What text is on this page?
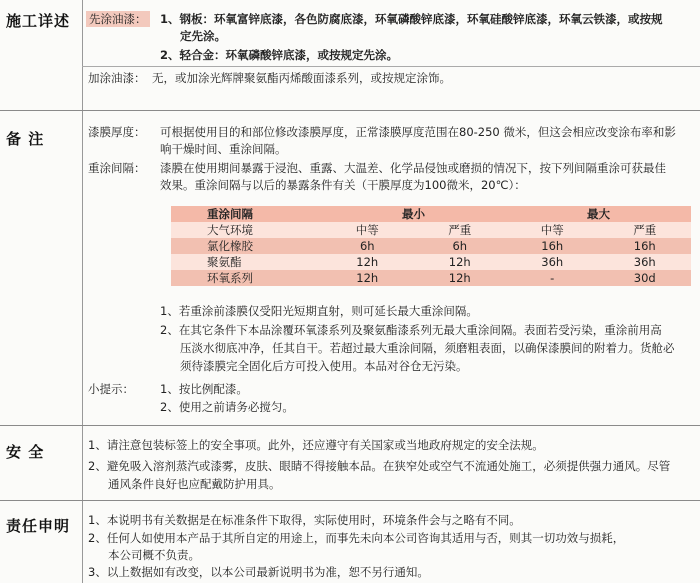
施工详述 先涂油漆： 1、钢板：环氧富锌底漆，各色防腐底漆，环氧磷酸锌底漆，环氧硅酸锌底漆，环氧云铁漆，或按规
定先涂。
2、轻合金：环氧磷酸锌底漆，或按规定先涂。
加涂油漆： 无，或加涂光辉牌聚氨酯丙烯酸面漆系列，或按规定涂饰。
备 注	漆膜厚度： 可根据使用目的和部位修改漆膜厚度，正常漆膜厚度范围在80-250 微米，但这会相应改变涂布率和影
响干燥时间、重涂间隔。
重涂间隔： 漆膜在使用期间暴露于浸泡、重露、大温差、化学品侵蚀或磨损的情况下，按下列间隔重涂可获最佳
效果。重涂间隔与以后的暴露条件有关（干膜厚度为100微米，20℃）：
重涂间隔	最小		最大	
大气环境	中等	严重	中等	严重
氯化橡胶	6h	6h	16h	16h
聚氨酯	12h	12h	36h	36h
环氧系列	12h	12h	-	30d
1、若重涂前漆膜仅受阳光短期直射，则可延长最大重涂间隔。
2、在其它条件下本品涂覆环氧漆系列及聚氨酯漆系列无最大重涂间隔。表面若受污染，重涂前用高
压淡水彻底冲净，任其自干。若超过最大重涂间隔，须磨粗表面，以确保漆膜间的附着力。货舱必
须待漆膜完全固化后方可投入使用。本品对谷仓无污染。
小提示： 1、按比例配漆。
2、使用之前请务必搅匀。
安 全	1、请注意包装标签上的安全事项。此外，还应遵守有关国家或当地政府规定的安全法规。
2、避免吸入溶剂蒸汽或漆雾，皮肤、眼睛不得接触本品。在狭窄处或空气不流通处施工，必须提供强力通风。尽管
通风条件良好也应配戴防护用具。
责任申明 1、本说明书有关数据是在标准条件下取得，实际使用时，环境条件会与之略有不同。
2、任何人如使用本产品于其所自定的用途上，而事先未向本公司咨询其适用与否，则其一切功效与损耗，
本公司概不负责。
3、以上数据如有改变，以本公司最新说明书为准，恕不另行通知。
